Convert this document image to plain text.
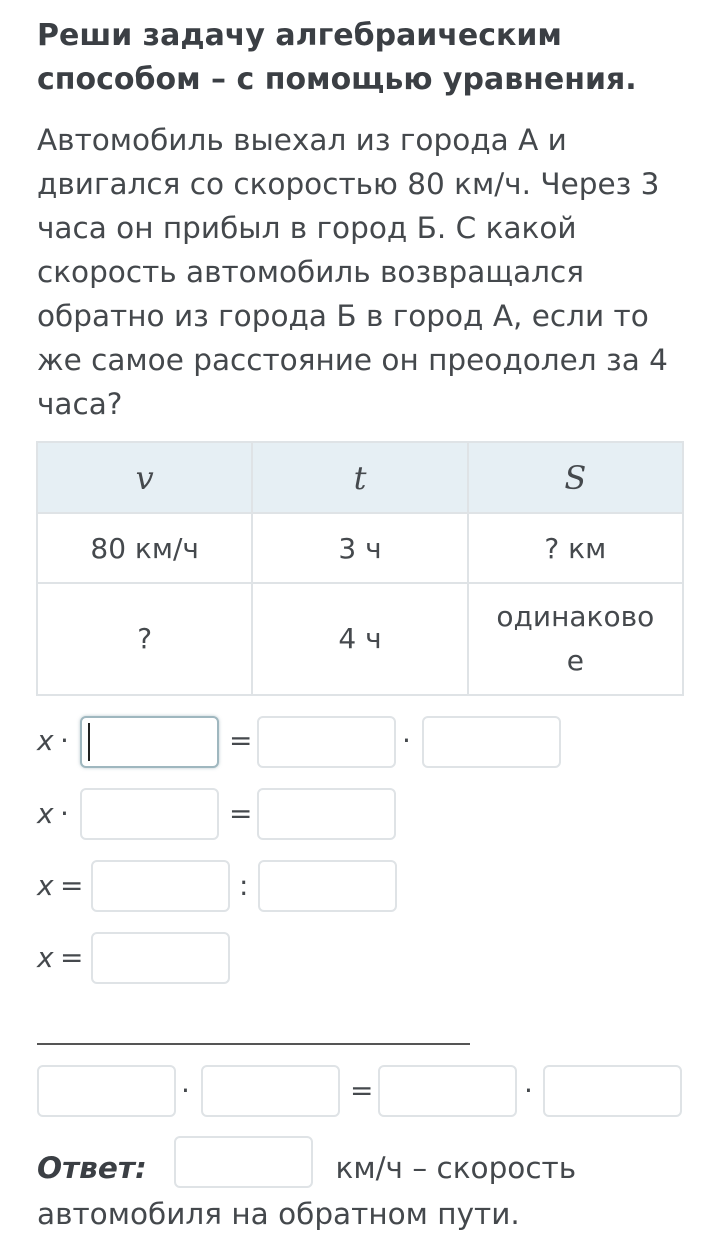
Реши задачу алгебраическим способом – с помощью уравнения.
Автомобиль выехал из города А и двигался со скоростью 80 км/ч. Через 3 часа он прибыл в город Б. С какой скорость автомобиль возвращался обратно из города Б в город А, если то же самое расстояние он преодолел за 4 часа?
v	t	S
80 км/ч	3 ч	? км
?	4 ч	одинаково
е
x ·	=	·
x ·	=
x =	:
x =
·	=	·
Ответ:	км/ч – скорость
автомобиля на обратном пути.
